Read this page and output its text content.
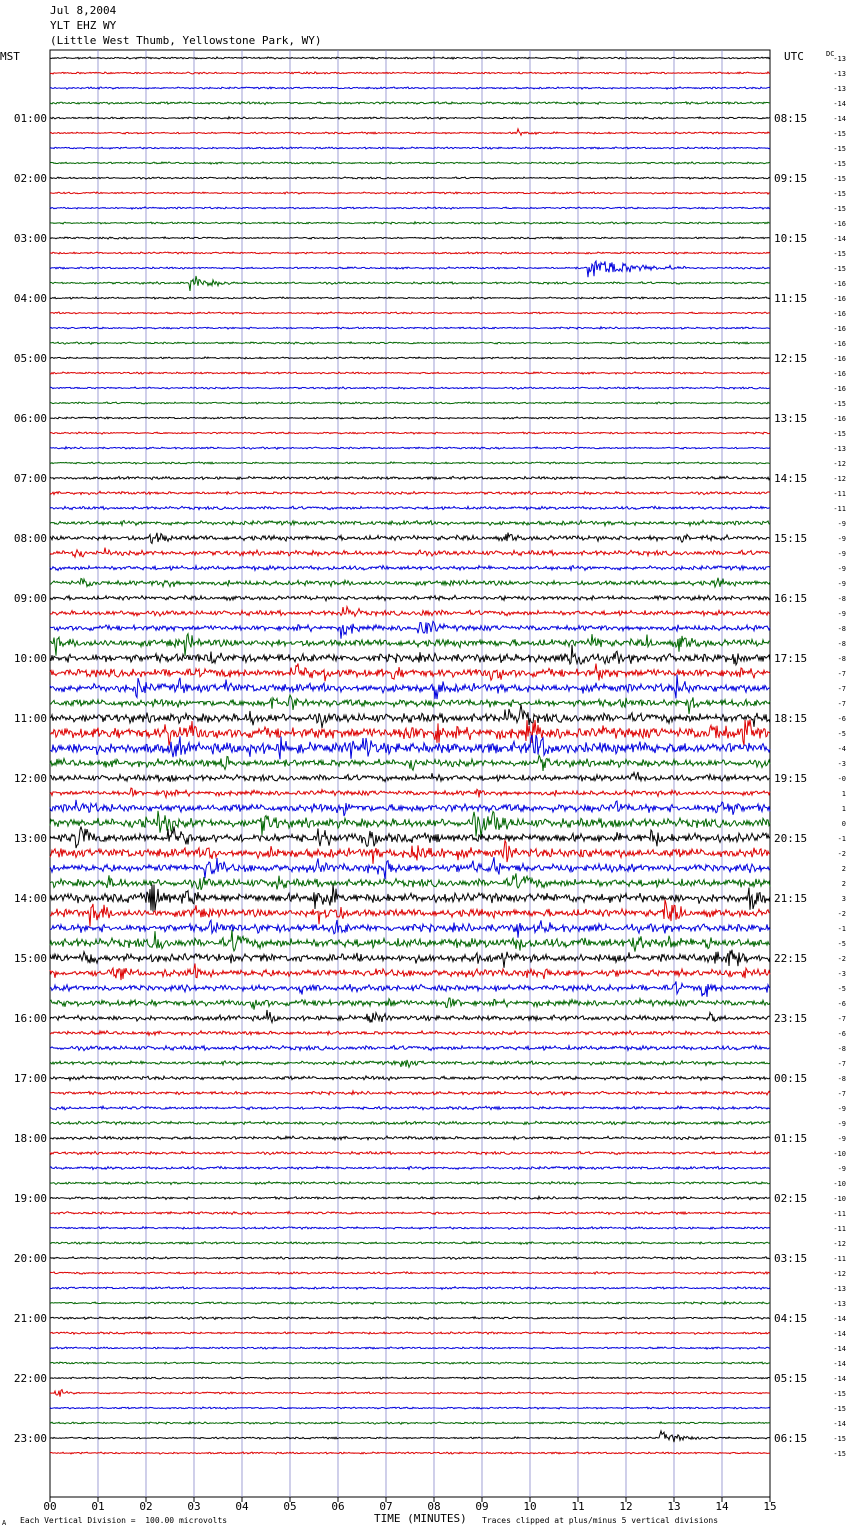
Jul 8,2004
YLT EHZ WY
(Little West Thumb, Yellowstone Park, WY)
MST	UTC	DC
00	01	02	03	04	05	06	07	08	09	10	11	12	13	14	15
-13
-13
-13
-14
-14
-15
-15
-15
-15
-15
-15
-16
-14
-15
-15
-16
-16
-16
-16
-16
-16
-16
-16
-15
-16
-15
-13
-12
-12
-11
-11
-9
-9
-9
-9
-9
-8
-9
-8
-8
-8
-7
-7
-7
-6
-5
-4
-3
-0
1
1
0
-1
-2
2
2
3
-2
-1
-5
-2
-3
-5
-6
-7
-6
-8
-7
-8
-7
-9
-9
-9
-10
-9
-10
-10
-11
-11
-12
-11
-12
-13
-13
-14
-14
-14
-14
-14
-15
-15
-14
-15
-15
01:00
02:00
03:00
04:00
05:00
06:00
07:00
08:00
09:00
10:00
11:00
12:00
13:00
14:00
15:00
16:00
17:00
18:00
19:00
20:00
21:00
22:00
23:00
08:15
09:15
10:15
11:15
12:15
13:15
14:15
15:15
16:15
17:15
18:15
19:15
20:15
21:15
22:15
23:15
00:15
01:15
02:15
03:15
04:15
05:15
06:15
A Each Vertical Division =  100.00 microvolts	TIME (MINUTES) Traces clipped at plus/minus 5 vertical divisions
